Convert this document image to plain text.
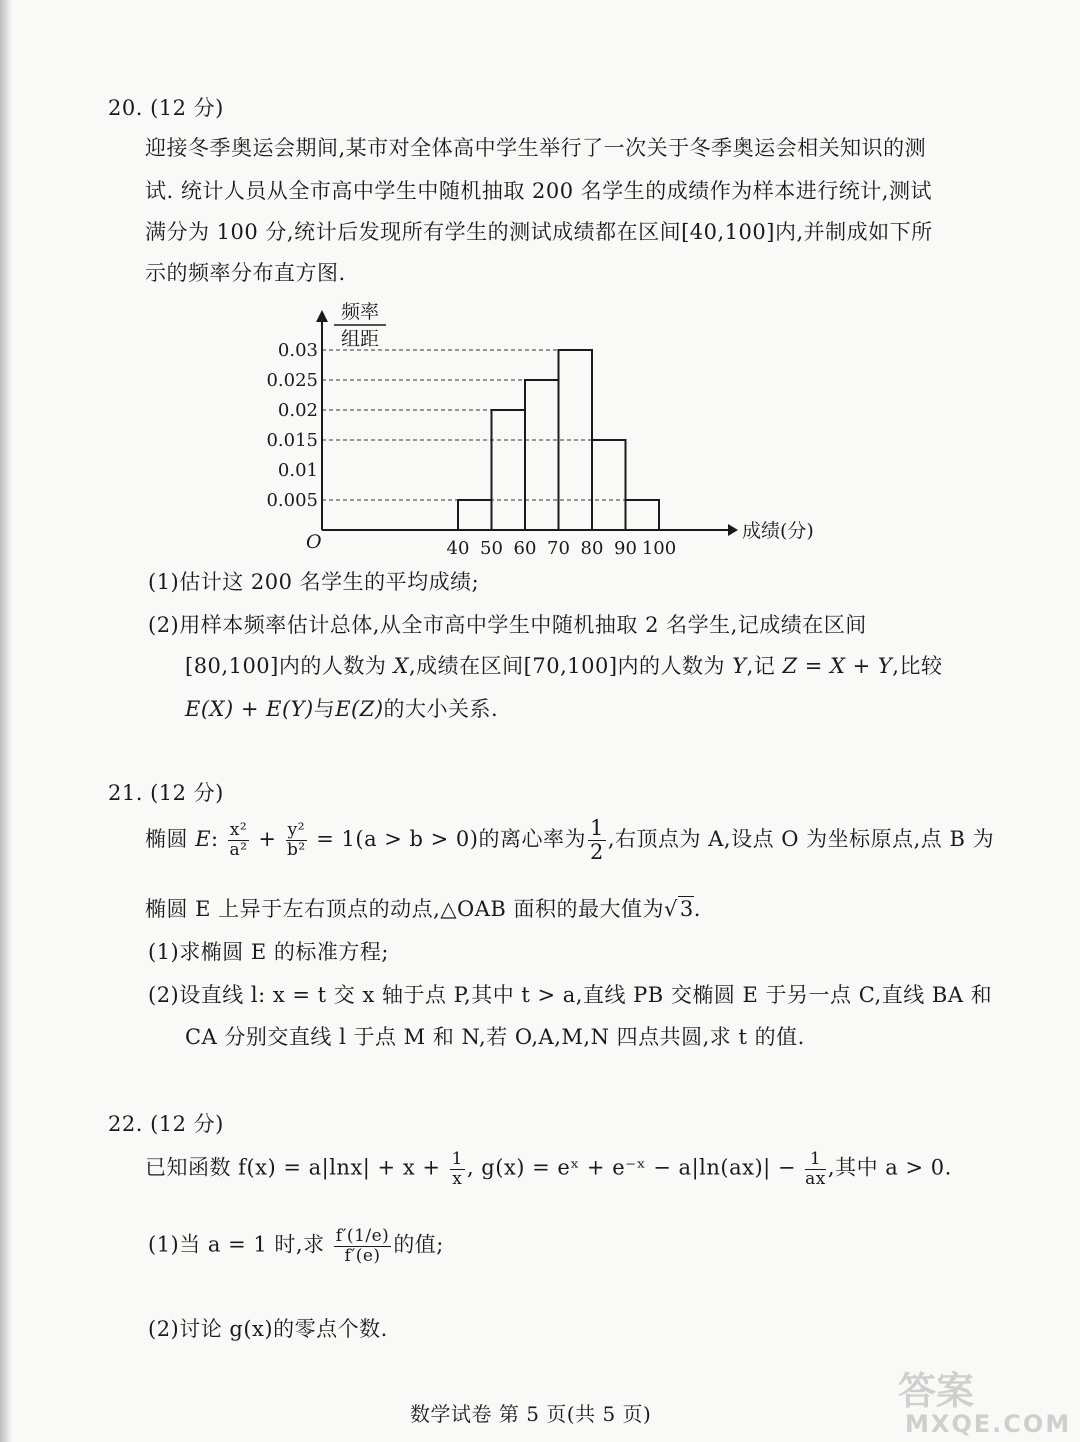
20. (12 分)
迎接冬季奥运会期间,某市对全体高中学生举行了一次关于冬季奥运会相关知识的测
试. 统计人员从全市高中学生中随机抽取 200 名学生的成绩作为样本进行统计,测试
满分为 100 分,统计后发现所有学生的测试成绩都在区间[40,100]内,并制成如下所
示的频率分布直方图.
0.005
0.01
0.015
0.02
0.025
0.03
40 50 60 70 80 90 100
O	成绩(分)
频率
组距
(1)估计这 200 名学生的平均成绩;
(2)用样本频率估计总体,从全市高中学生中随机抽取 2 名学生,记成绩在区间
[80,100]内的人数为 X,成绩在区间[70,100]内的人数为 Y,记 Z = X + Y,比较
E(X) + E(Y)与E(Z)的大小关系.
21. (12 分)
椭圆 E: $\frac{\text{x²}}{\text{a²}} + \frac{\text{y²}}{\text{b²}} = 1(a > b > 0)$的离心率为 $\frac{1}{2}$ ,右顶点为 A,设点 O 为坐标原点,点 B 为
椭圆 E 上异于左右顶点的动点,△OAB 面积的最大值为√3.
(1)求椭圆 E 的标准方程;
(2)设直线 l: x = t 交 x 轴于点 P,其中 t > a,直线 PB 交椭圆 E 于另一点 C,直线 BA 和
CA 分别交直线 l 于点 M 和 N,若 O,A,M,N 四点共圆,求 t 的值.
22. (12 分)
已知函数 $f(x) = a|\ln x| + x + \frac{1}{x}$ , g(x) = eˣ + e⁻ˣ − $a|\ln(ax)| - \frac{1}{ax}$ ,其中 a > 0.
(1)当 a = 1 时,求 $\frac{f'(1/e)}{f'(e)}$ 的值;
(2)讨论 g(x)的零点个数.
数学试卷 第 5 页(共 5 页)
答案
MXQE.COM
